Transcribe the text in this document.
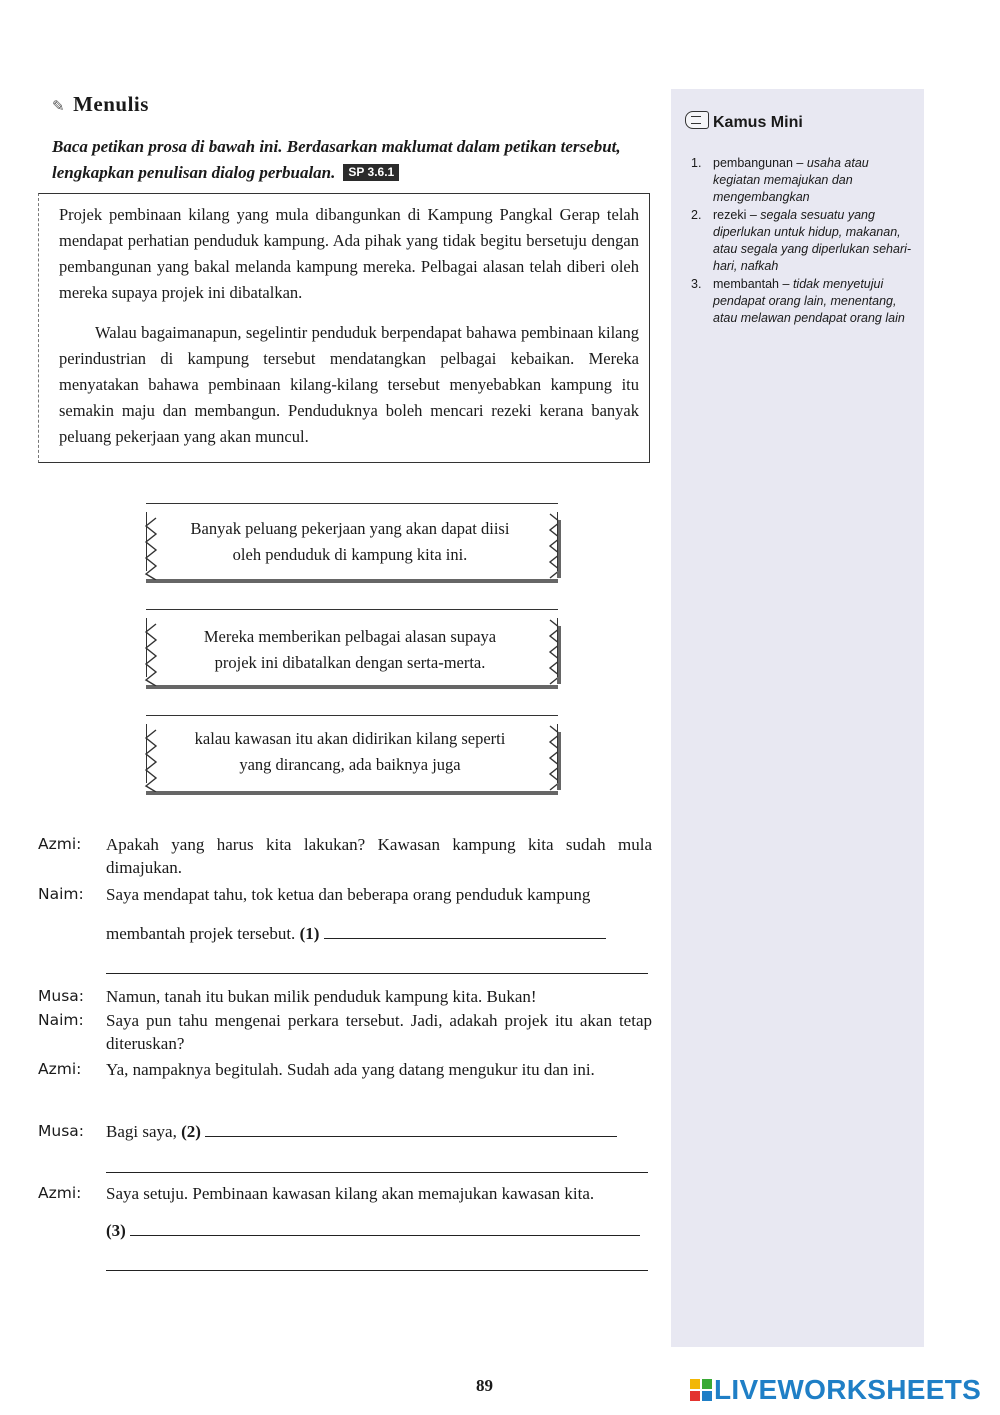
✎ Menulis
Baca petikan prosa di bawah ini. Berdasarkan maklumat dalam petikan tersebut, lengkapkan penulisan dialog perbualan. SP 3.6.1

Projek pembinaan kilang yang mula dibangunkan di Kampung Pangkal Gerap telah mendapat perhatian penduduk kampung. Ada pihak yang tidak begitu bersetuju dengan pembangunan yang bakal melanda kampung mereka. Pelbagai alasan telah diberi oleh mereka supaya projek ini dibatalkan.

Walau bagaimanapun, segelintir penduduk berpendapat bahawa pembinaan kilang perindustrian di kampung tersebut mendatangkan pelbagai kebaikan. Mereka menyatakan bahawa pembinaan kilang-kilang tersebut menyebabkan kampung itu semakin maju dan membangun. Penduduknya boleh mencari rezeki kerana banyak peluang pekerjaan yang akan muncul.

Banyak peluang pekerjaan yang akan dapat diisi
oleh penduduk di kampung kita ini.
Mereka memberikan pelbagai alasan supaya
projek ini dibatalkan dengan serta-merta.
kalau kawasan itu akan didirikan kilang seperti
yang dirancang, ada baiknya juga
Azmi:	Apakah yang harus kita lakukan? Kawasan kampung kita sudah mula dimajukan.
Naim:	Saya mendapat tahu, tok ketua dan beberapa orang penduduk kampung
membantah projek tersebut. (1)
Musa:	Namun, tanah itu bukan milik penduduk kampung kita. Bukan!
Naim:	Saya pun tahu mengenai perkara tersebut. Jadi, adakah projek itu akan tetap diteruskan?
Azmi:	Ya, nampaknya begitulah. Sudah ada yang datang mengukur itu dan ini.
Musa:	Bagi saya, (2)
Azmi:	Saya setuju. Pembinaan kawasan kilang akan memajukan kawasan kita.
(3)
Kamus Mini
1. pembangunan – usaha atau kegiatan memajukan dan mengembangkan
2. rezeki – segala sesuatu yang diperlukan untuk hidup, makanan, atau segala yang diperlukan sehari-hari, nafkah
3. membantah – tidak menyetujui pendapat orang lain, menentang, atau melawan pendapat orang lain
89	LIVEWORKSHEETS
